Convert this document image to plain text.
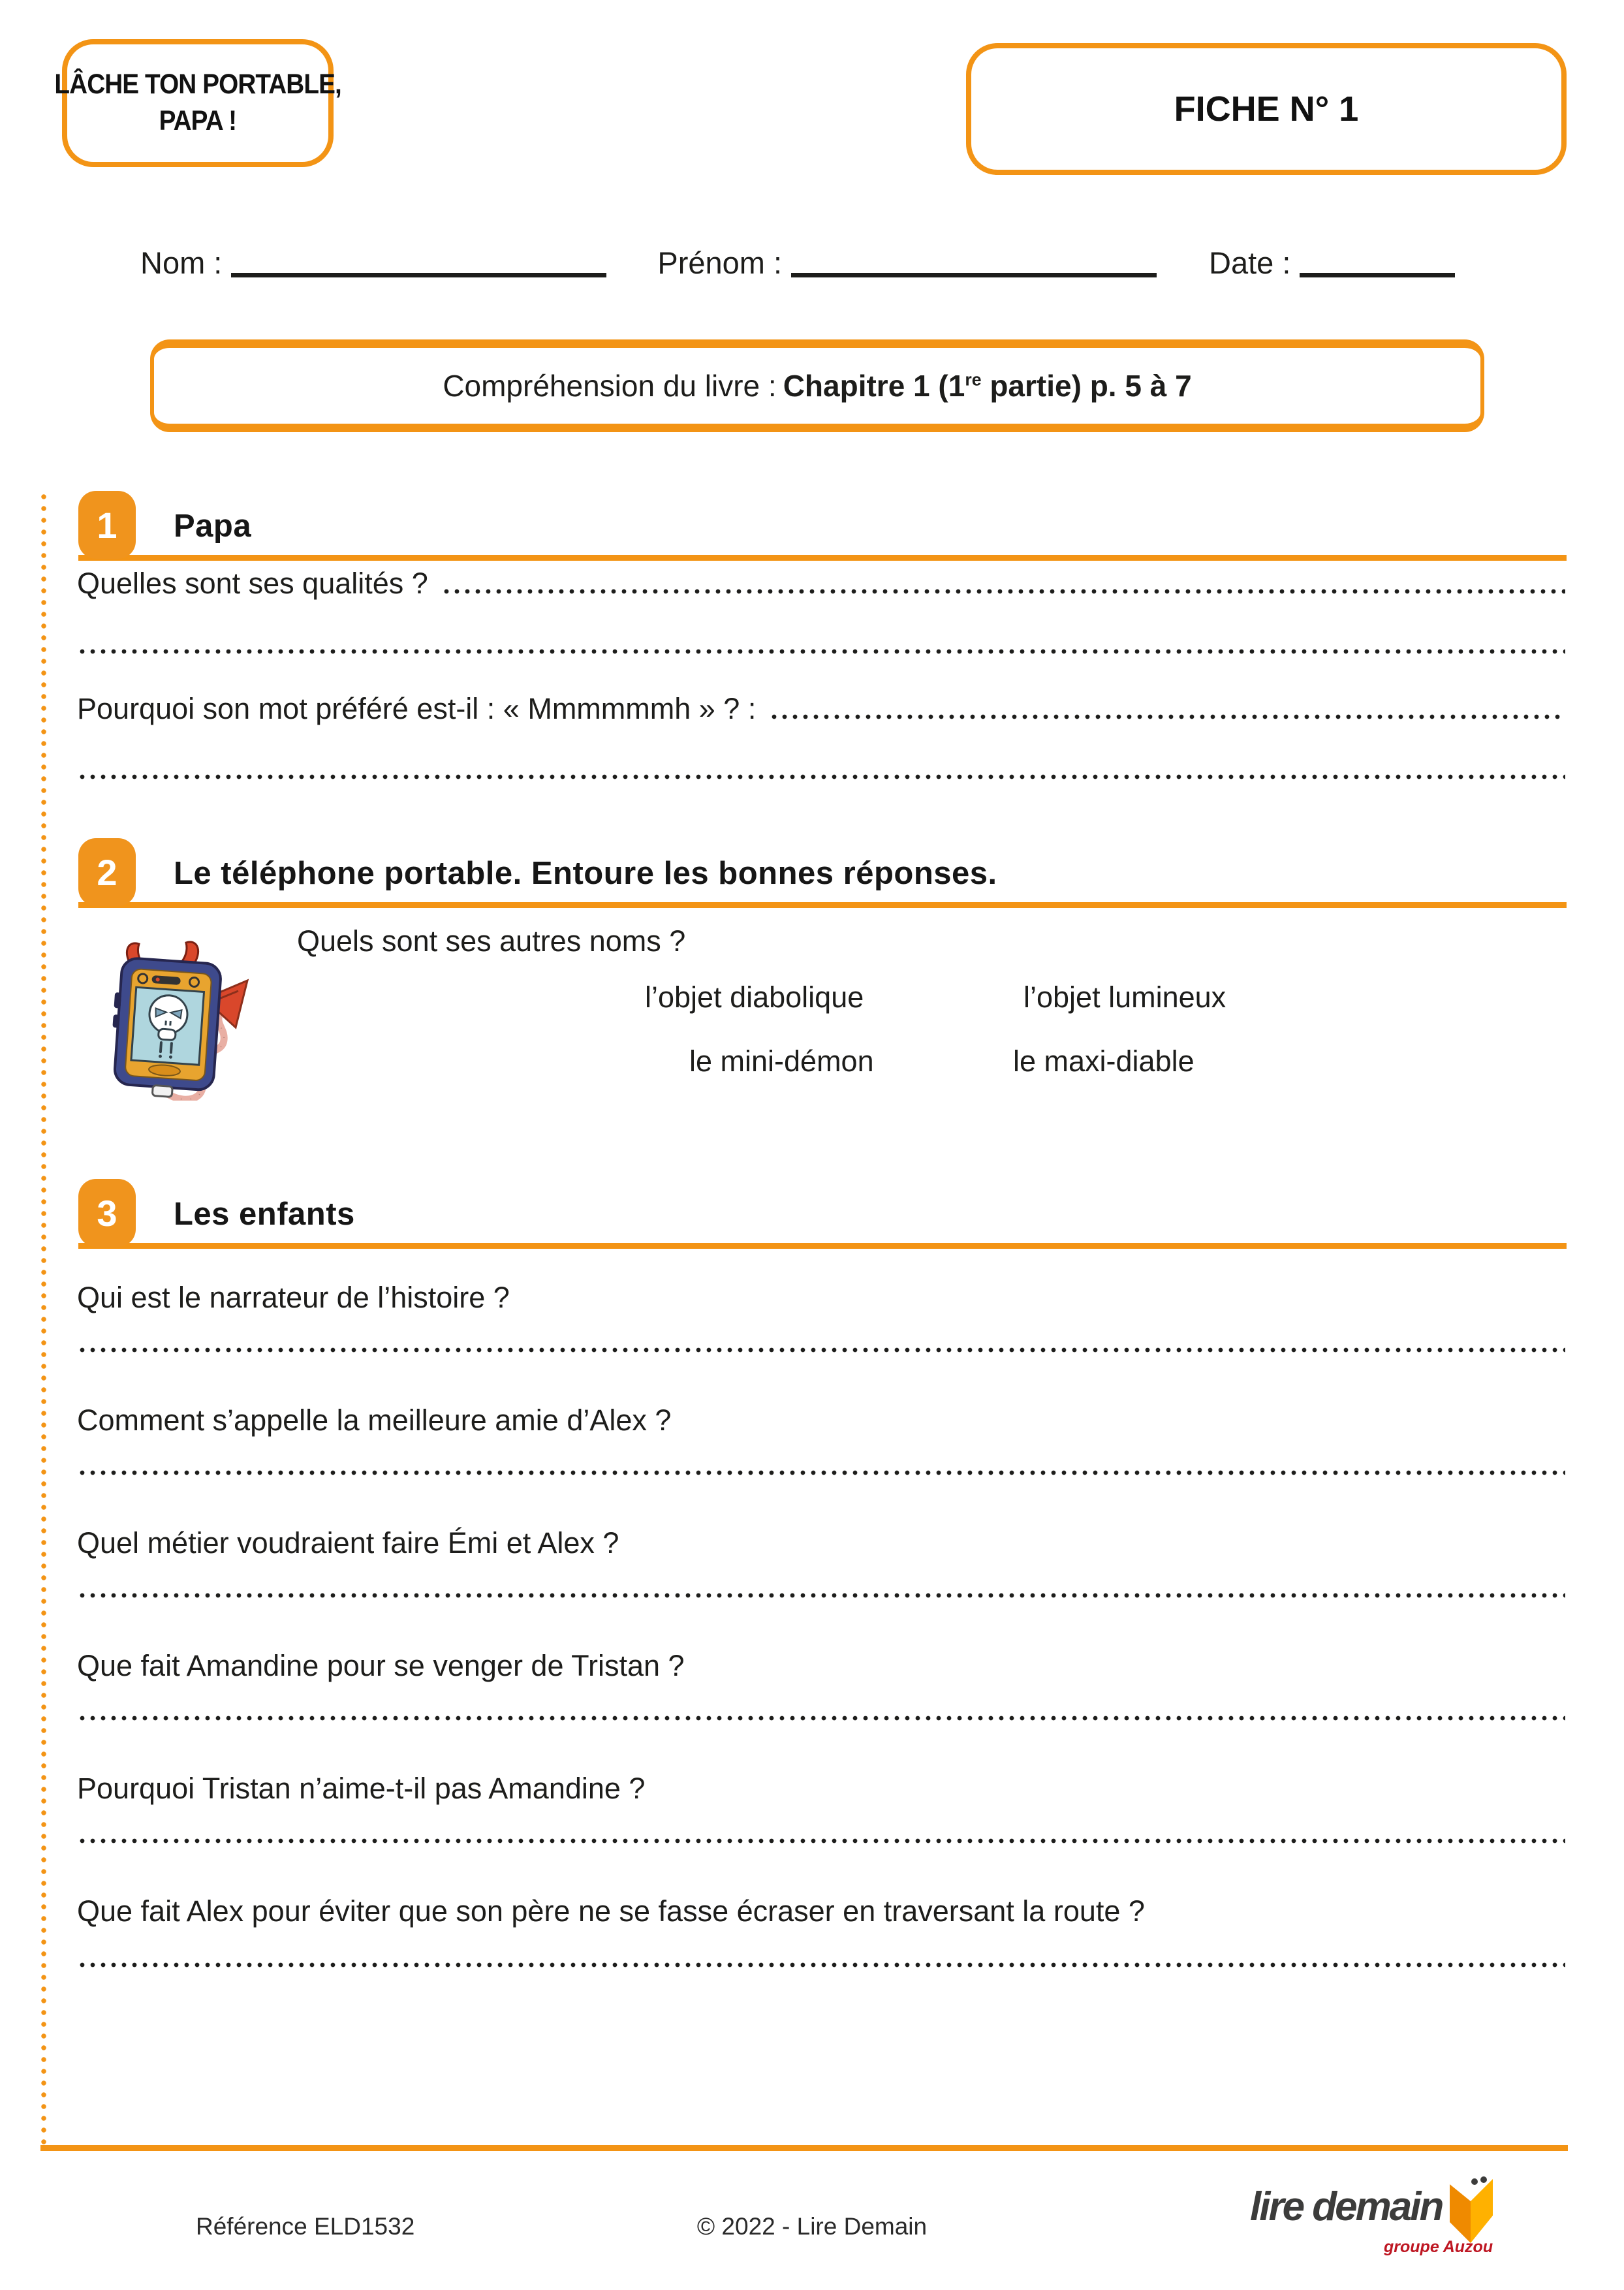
LÂCHE TON PORTABLE,
PAPA !	FICHE N° 1
Nom :	Prénom :	Date :
Compréhension du livre : Chapitre 1 (1re partie) p. 5 à 7
1	Papa
Quelles sont ses qualités ?
Pourquoi son mot préféré est-il : « Mmmmmmh » ? :
2	Le téléphone portable. Entoure les bonnes réponses.
Quels sont ses autres noms ?
l’objet diabolique	l’objet lumineux
le mini-démon	le maxi-diable
3	Les enfants
Qui est le narrateur de l’histoire ?
Comment s’appelle la meilleure amie d’Alex ?
Quel métier voudraient faire Émi et Alex ?
Que fait Amandine pour se venger de Tristan ?
Pourquoi Tristan n’aime-t-il pas Amandine ?
Que fait Alex pour éviter que son père ne se fasse écraser en traversant la route ?
Référence ELD1532	© 2022 - Lire Demain	lire demain
groupe Auzou
